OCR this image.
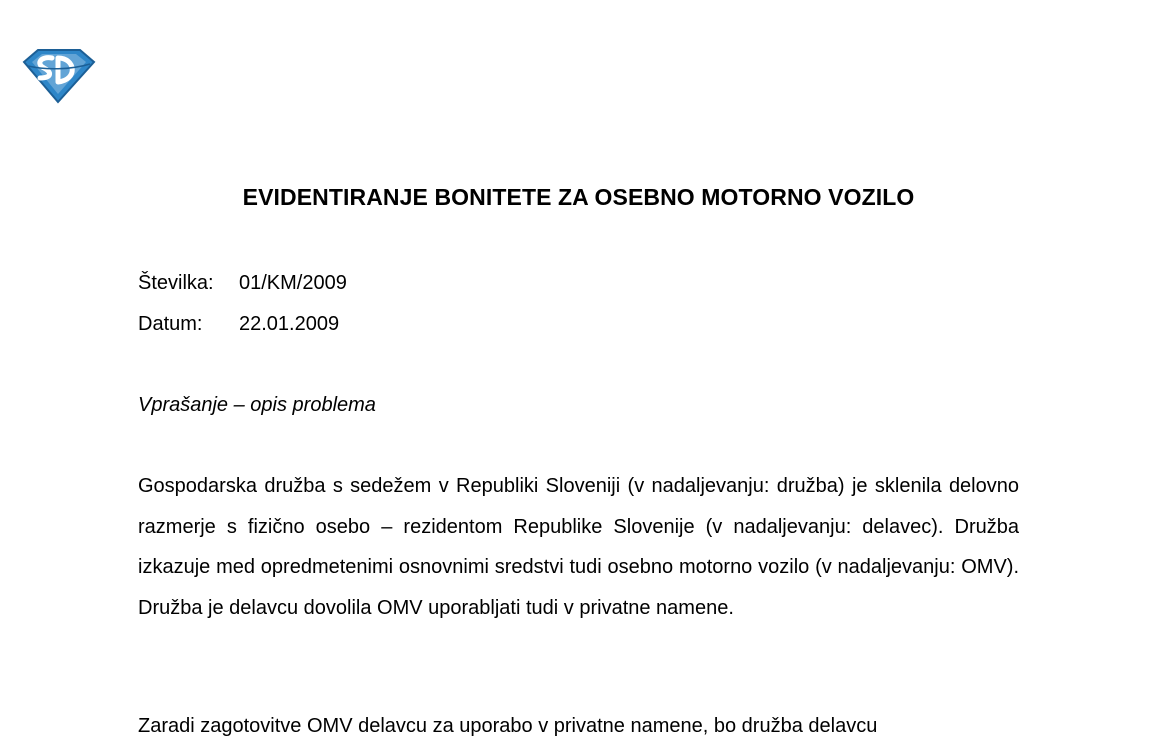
EVIDENTIRANJE BONITETE ZA OSEBNO MOTORNO VOZILO
Številka: 01/KM/2009
Datum: 22.01.2009
Vprašanje – opis problema

Gospodarska družba s sedežem v Republiki Sloveniji (v nadaljevanju: družba) je sklenila delovno razmerje s fizično osebo – rezidentom Republike Slovenije (v nadaljevanju: delavec). Družba izkazuje med opredmetenimi osnovnimi sredstvi tudi osebno motorno vozilo (v nadaljevanju: OMV). Družba je delavcu dovolila OMV uporabljati tudi v privatne namene.

Zaradi zagotovitve OMV delavcu za uporabo v privatne namene, bo družba delavcu
